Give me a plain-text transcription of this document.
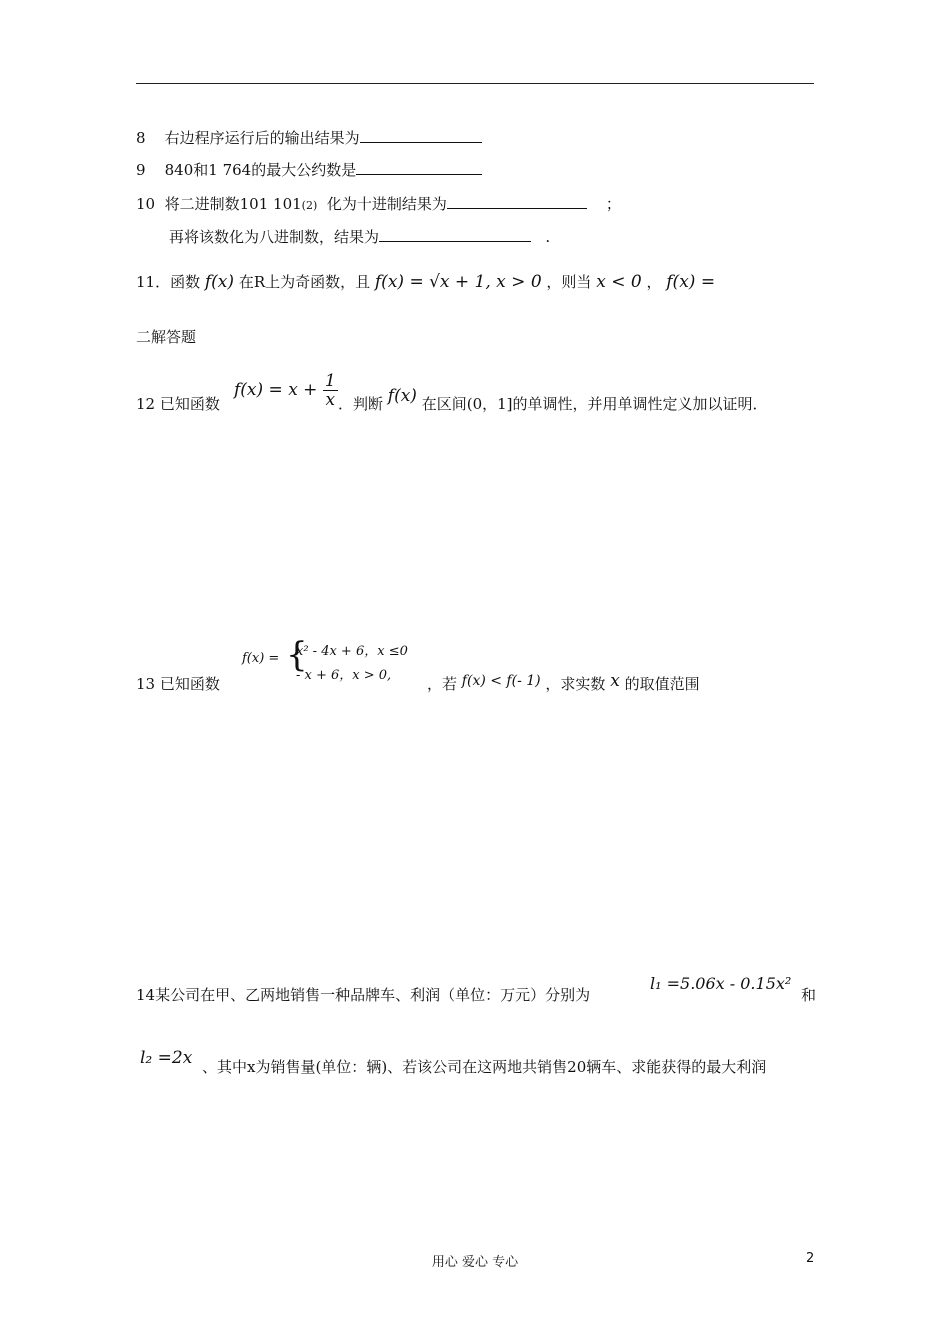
8 右边程序运行后的输出结果为
9 840和1 764的最大公约数是
10 将二进制数101 101(2) 化为十进制结果为	；
再将该数化为八进制数，结果为	.
11．函数 f(x) 在R上为奇函数，且 f(x) = √x + 1, x > 0 ，则当 x < 0 ， f(x) =
二解答题
12 已知函数
$f(x) = x + \frac{1}{x}$ ．判断 f(x) 在区间(0，1]的单调性，并用单调性定义加以证明．
13 已知函数
f(x) = {
x² - 4x + 6，x ≤0
- x + 6，x > 0, ，若 f(x) < f(- 1) ，求实数 x 的取值范围
14某公司在甲、乙两地销售一种品牌车、利润（单位：万元）分别为
l₁ =5.06x - 0.15x²
和
l₂ =2x 、其中x为销售量(单位：辆)、若该公司在这两地共销售20辆车、求能获得的最大利润
用心 爱心 专心	2
